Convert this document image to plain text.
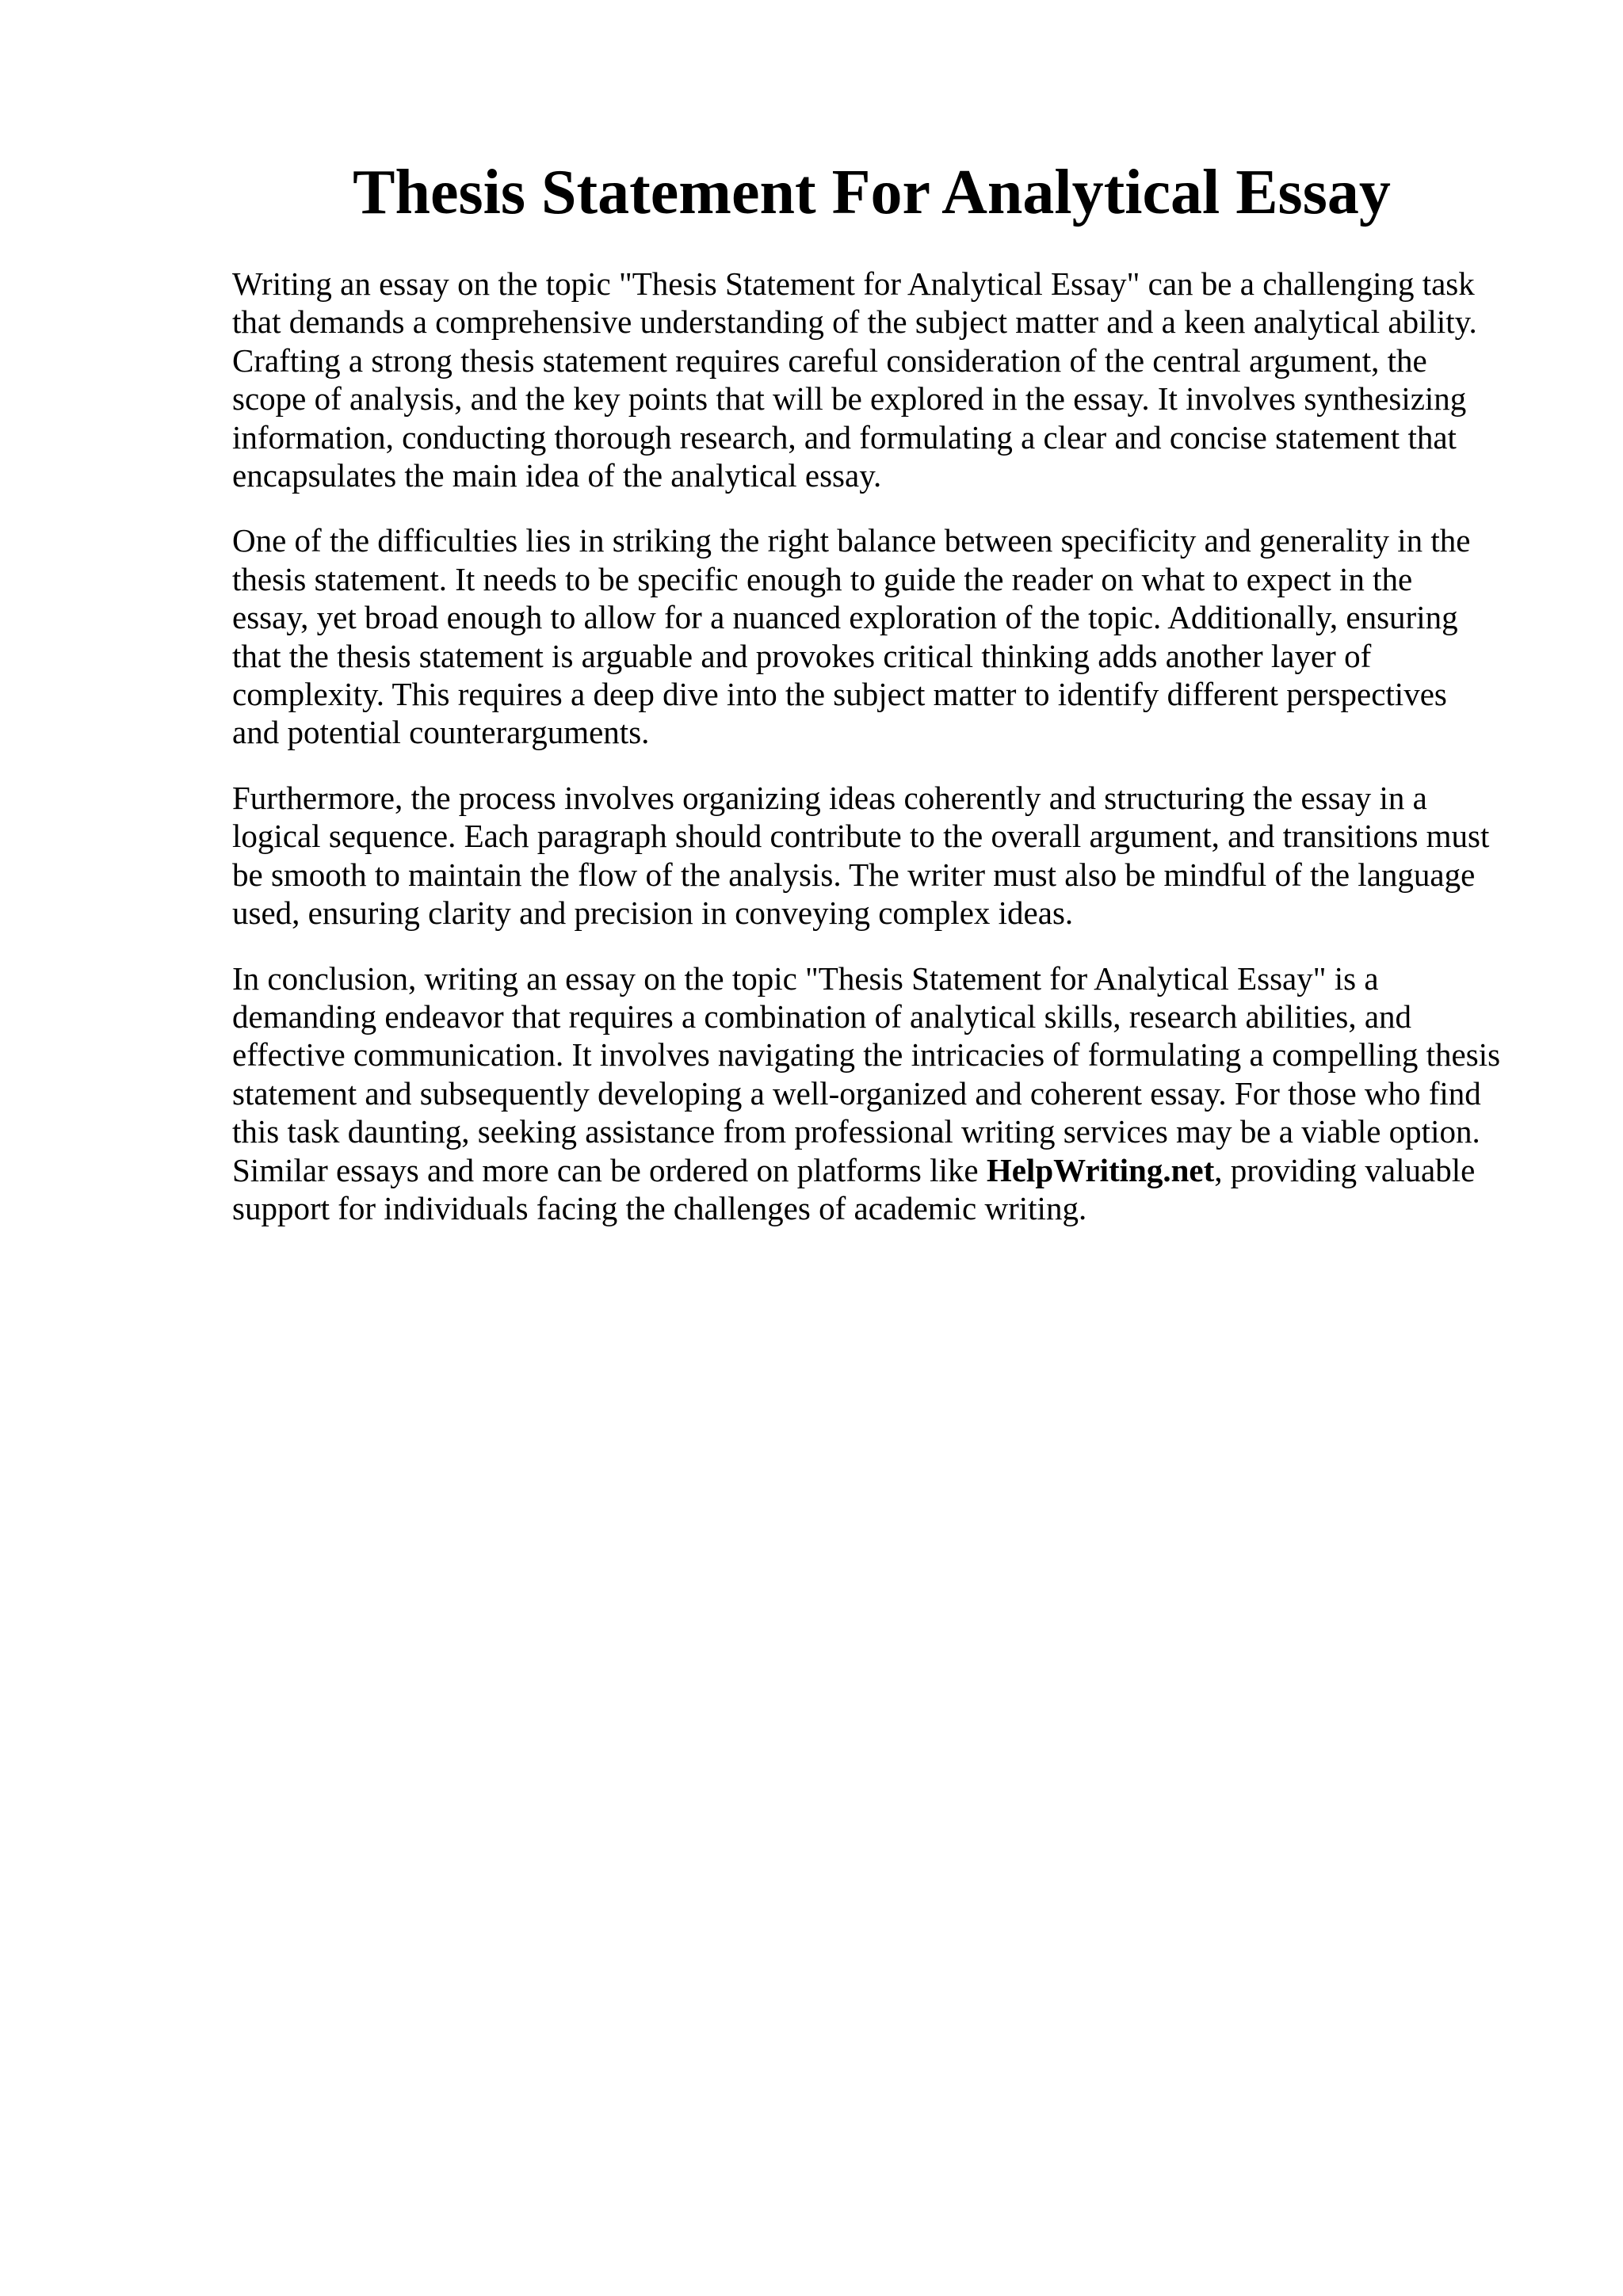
Thesis Statement For Analytical Essay

Writing an essay on the topic "Thesis Statement for Analytical Essay" can be a challenging task
that demands a comprehensive understanding of the subject matter and a keen analytical ability.
Crafting a strong thesis statement requires careful consideration of the central argument, the
scope of analysis, and the key points that will be explored in the essay. It involves synthesizing
information, conducting thorough research, and formulating a clear and concise statement that
encapsulates the main idea of the analytical essay.

One of the difficulties lies in striking the right balance between specificity and generality in the
thesis statement. It needs to be specific enough to guide the reader on what to expect in the
essay, yet broad enough to allow for a nuanced exploration of the topic. Additionally, ensuring
that the thesis statement is arguable and provokes critical thinking adds another layer of
complexity. This requires a deep dive into the subject matter to identify different perspectives
and potential counterarguments.

Furthermore, the process involves organizing ideas coherently and structuring the essay in a
logical sequence. Each paragraph should contribute to the overall argument, and transitions must
be smooth to maintain the flow of the analysis. The writer must also be mindful of the language
used, ensuring clarity and precision in conveying complex ideas.

In conclusion, writing an essay on the topic "Thesis Statement for Analytical Essay" is a
demanding endeavor that requires a combination of analytical skills, research abilities, and
effective communication. It involves navigating the intricacies of formulating a compelling thesis
statement and subsequently developing a well-organized and coherent essay. For those who find
this task daunting, seeking assistance from professional writing services may be a viable option.
Similar essays and more can be ordered on platforms like HelpWriting.net, providing valuable
support for individuals facing the challenges of academic writing.
